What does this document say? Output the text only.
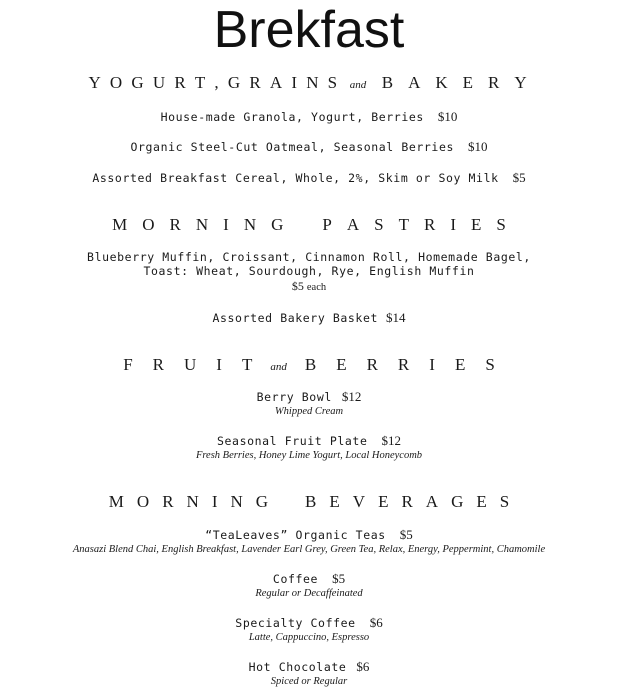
Brekfast
Y O G U R T , G R A I N S and B A K E R Y
House-made Granola, Yogurt, Berries $10
Organic Steel-Cut Oatmeal, Seasonal Berries $10
Assorted Breakfast Cereal, Whole, 2%, Skim or Soy Milk $5
M O R N I N G P A S T R I E S
Blueberry Muffin, Croissant, Cinnamon Roll, Homemade Bagel,
Toast: Wheat, Sourdough, Rye, English Muffin
$5 each
Assorted Bakery Basket $14
F R U I T and B E R R I E S
Berry Bowl $12
Whipped Cream
Seasonal Fruit Plate $12
Fresh Berries, Honey Lime Yogurt, Local Honeycomb
M O R N I N G B E V E R A G E S
“TeaLeaves” Organic Teas $5
Anasazi Blend Chai, English Breakfast, Lavender Earl Grey, Green Tea, Relax, Energy, Peppermint, Chamomile
Coffee $5
Regular or Decaffeinated
Specialty Coffee $6
Latte, Cappuccino, Espresso
Hot Chocolate $6
Spiced or Regular
